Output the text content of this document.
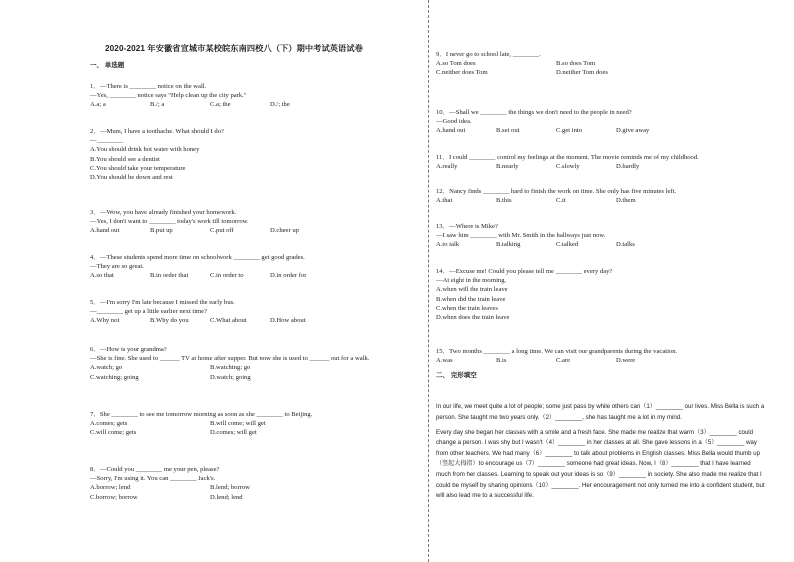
2020-2021 年安徽省宣城市某校皖东南四校八（下）期中考试英语试卷
一、 单选题
1．—There is ________ notice on the wall.
—Yes, ________ notice says "Help clean up the city park."
A.a; a	B./; a	C.a; the	D./; the
2．—Mum, I have a toothache. What should I do?
—________
A.You should drink hot water with honey
B.You should see a dentist
C.You should take your temperature
D.You should be down and rest
3．—Wow, you have already finished your homework.
—Yes, I don't want to ________ today's work till tomorrow.
A.hand out	B.put up	C.put off	D.cheer up
4．—These students spend more time on schoolwork ________ get good grades.
—They are so great.
A.so that	B.in order that	C.in order to	D.in order for
5．—I'm sorry I'm late because I missed the early bus.
—________ get up a little earlier next time?
A.Why not	B.Why do you	C.What about	D.How about
6．—How is your grandma?
—She is fine. She used to ______ TV at home after supper. But now she is used to ______ out for a walk.
A.watch; go	B.watching; go
C.watching; going	D.watch; going
7．She ________ to see me tomorrow morning as soon as she ________ to Beijing.
A.comes; gets	B.will come; will get
C.will come; gets	D.comes; will get
8．—Could you ________ me your pen, please?
—Sorry, I'm using it. You can ________ Jack's.
A.borrow; lend	B.lend; borrow
C.borrow; borrow	D.lend; lend
9．I never go to school late, ________.
A.so Tom does	B.so does Tom
C.neither does Tom	D.neither Tom does
10．—Shall we ________ the things we don't need to the people in need?
—Good idea.
A.hand out	B.set out	C.get into	D.give away
11．I could ________ control my feelings at the moment. The movie reminds me of my childhood.
A.really	B.nearly	C.slowly	D.hardly
12．Nancy finds ________ hard to finish the work on time. She only has five minutes left.
A.that	B.this	C.it	D.them
13．—Where is Mike?
—I saw him ________ with Mr. Smith in the hallways just now.
A.to talk	B.talking	C.talked	D.talks
14．—Excuse me! Could you please tell me ________ every day?
—At eight in the morning.
A.when will the train leave
B.when did the train leave
C.when the train leaves
D.when does the train leave
15．Two months ________ a long time. We can visit our grandparents during the vacation.
A.was	B.is	C.are	D.were
二、 完形填空

In our life, we meet quite a lot of people; some just pass by while others can（1）________ our lives. Miss Bella is such a person. She taught me two years only.（2）________, she has taught me a lot in my mind.

Every day she began her classes with a smile and a fresh face. She made me realize that warm（3）________ could change a person. I was shy but I wasn't（4）________ in her classes at all. She gave lessons in a（5）________ way from other teachers. We had many（6）________ to talk about problems in English classes. Miss Bella would thumb up（竖起大拇指）to encourage us（7）________ someone had great ideas. Now, I（8）________ that I have learned much from her classes. Learning to speak out your ideas is so（9）________ in society. She also made me realize that I could be myself by sharing opinions（10）________. Her encouragement not only turned me into a confident student, but will also lead me to a successful life.
